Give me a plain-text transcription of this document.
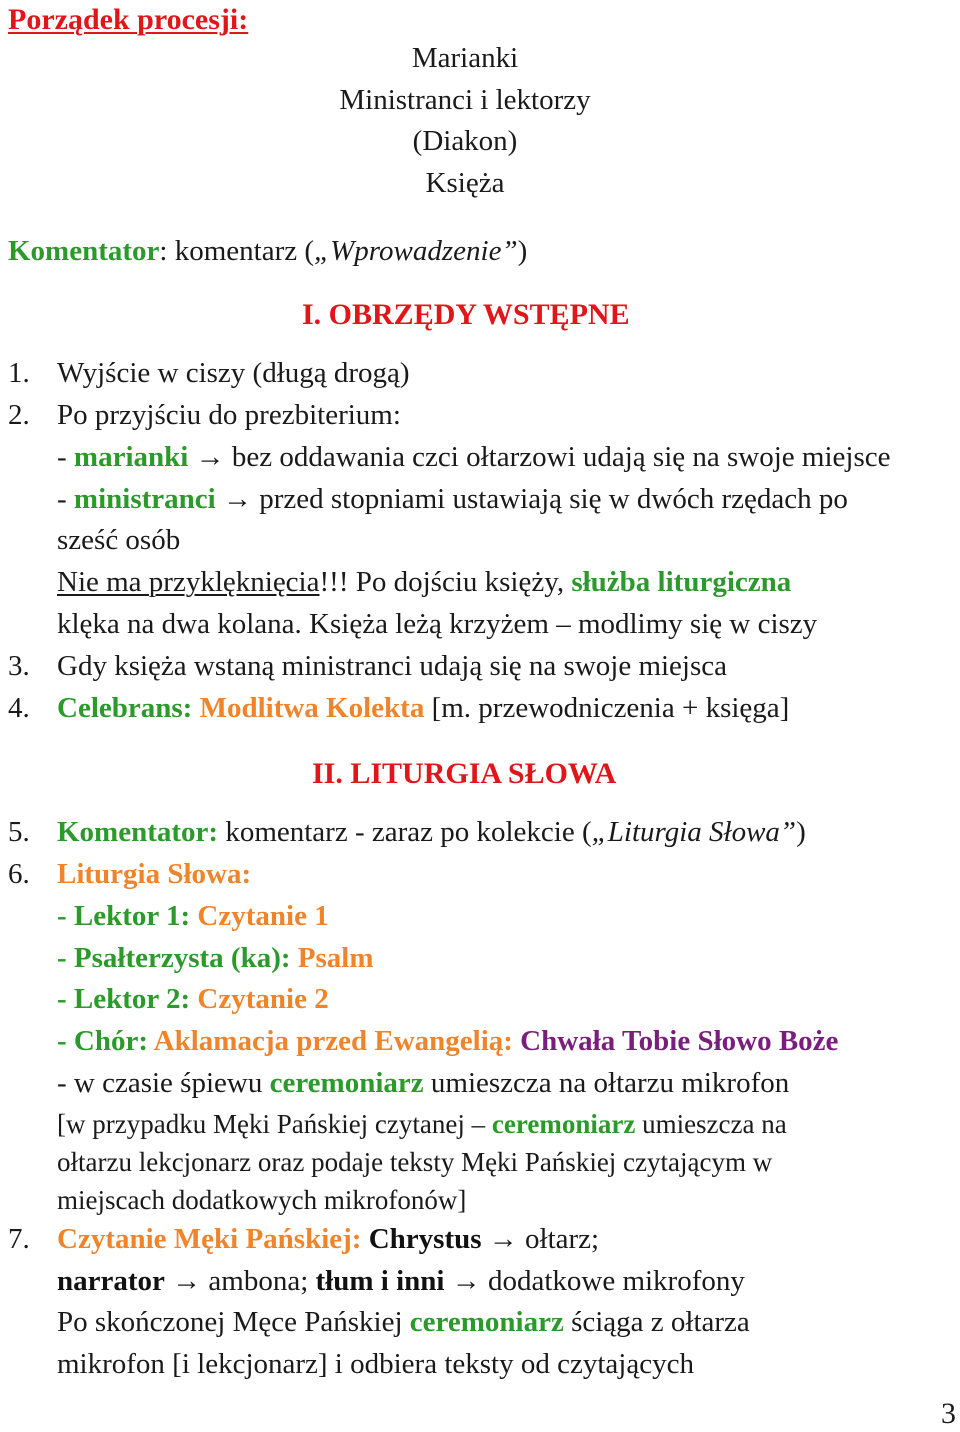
Porządek procesji:
Marianki
Ministranci i lektorzy
(Diakon)
Księża
Komentator: komentarz („Wprowadzenie”)
I. OBRZĘDY WSTĘPNE
1. Wyjście w ciszy (długą drogą)
2. Po przyjściu do prezbiterium:
- marianki → bez oddawania czci ołtarzowi udają się na swoje miejsce
- ministranci → przed stopniami ustawiają się w dwóch rzędach po
sześć osób
Nie ma przyklęknięcia!!! Po dojściu księży, służba liturgiczna
klęka na dwa kolana. Księża leżą krzyżem – modlimy się w ciszy
3. Gdy księża wstaną ministranci udają się na swoje miejsca
4. Celebrans: Modlitwa Kolekta [m. przewodniczenia + księga]
II. LITURGIA SŁOWA
5. Komentator: komentarz - zaraz po kolekcie („Liturgia Słowa”)
6. Liturgia Słowa:
- Lektor 1: Czytanie 1
- Psałterzysta (ka): Psalm
- Lektor 2: Czytanie 2
- Chór: Aklamacja przed Ewangelią: Chwała Tobie Słowo Boże
- w czasie śpiewu ceremoniarz umieszcza na ołtarzu mikrofon
[w przypadku Męki Pańskiej czytanej – ceremoniarz umieszcza na
ołtarzu lekcjonarz oraz podaje teksty Męki Pańskiej czytającym w
miejscach dodatkowych mikrofonów]
7. Czytanie Męki Pańskiej: Chrystus → ołtarz;
narrator → ambona; tłum i inni → dodatkowe mikrofony
Po skończonej Męce Pańskiej ceremoniarz ściąga z ołtarza
mikrofon [i lekcjonarz] i odbiera teksty od czytających
3
